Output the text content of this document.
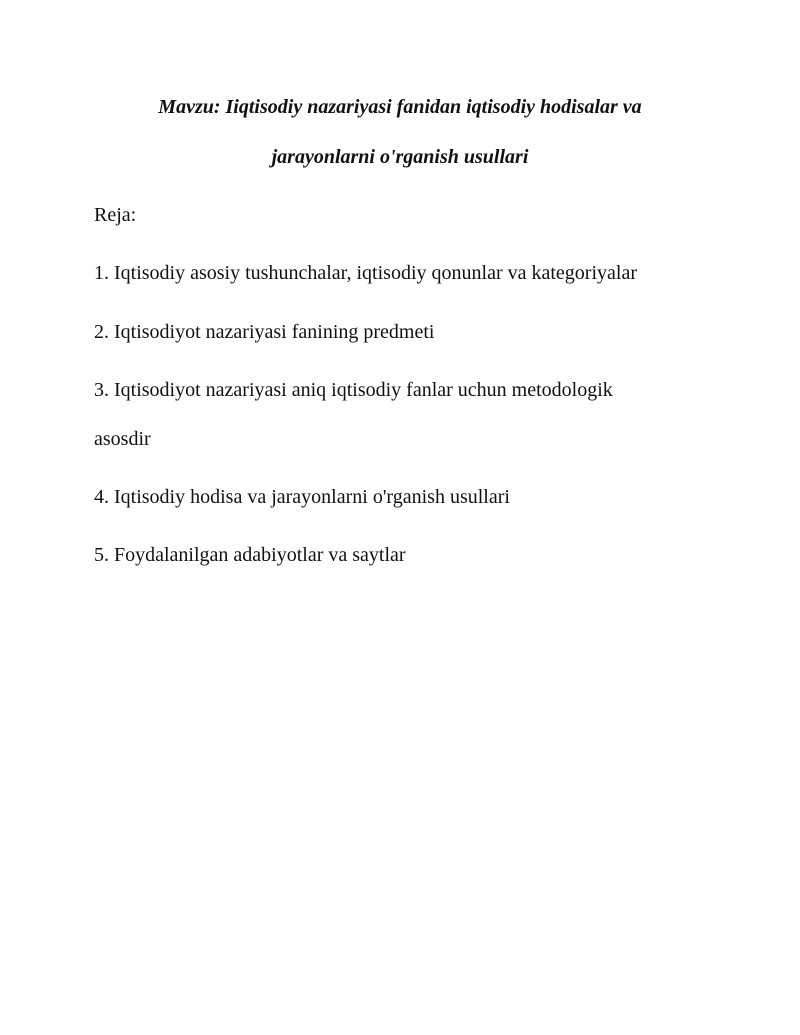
Mavzu: Iiqtisodiy nazariyasi fanidan iqtisodiy hodisalar va

jarayonlarni o'rganish usullari

Reja:

1. Iqtisodiy asosiy tushunchalar, iqtisodiy qonunlar va kategoriyalar

2. Iqtisodiyot nazariyasi fanining predmeti

3. Iqtisodiyot nazariyasi aniq iqtisodiy fanlar uchun metodologik

asosdir

4. Iqtisodiy hodisa va jarayonlarni o'rganish usullari

5. Foydalanilgan adabiyotlar va saytlar
